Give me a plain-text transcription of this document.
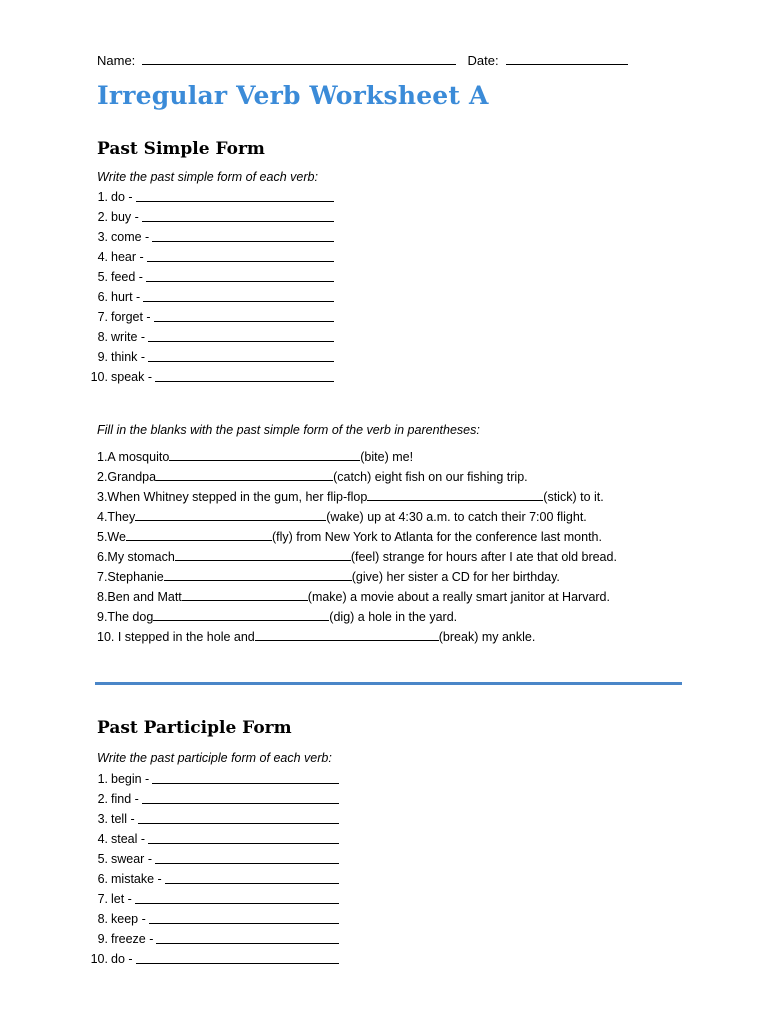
Name:	Date:
Irregular Verb Worksheet A
Past Simple Form
Write the past simple form of each verb:
1. do -
2. buy -
3. come -
4. hear -
5. feed -
6. hurt -
7. forget -
8. write -
9. think -
10. speak -
Fill in the blanks with the past simple form of the verb in parentheses:
1.A mosquito	(bite) me!
2.Grandpa	(catch) eight fish on our fishing trip.
3.When Whitney stepped in the gum, her flip-flop	(stick) to it.
4.They	(wake) up at 4:30 a.m. to catch their 7:00 flight.
5.We	(fly) from New York to Atlanta for the conference last month.
6.My stomach	(feel) strange for hours after I ate that old bread.
7.Stephanie	(give) her sister a CD for her birthday.
8.Ben and Matt	(make) a movie about a really smart janitor at Harvard.
9.The dog	(dig) a hole in the yard.
10. I stepped in the hole and	(break) my ankle.
Past Participle Form
Write the past participle form of each verb:
1. begin -
2. find -
3. tell -
4. steal -
5. swear -
6. mistake -
7. let -
8. keep -
9. freeze -
10. do -
